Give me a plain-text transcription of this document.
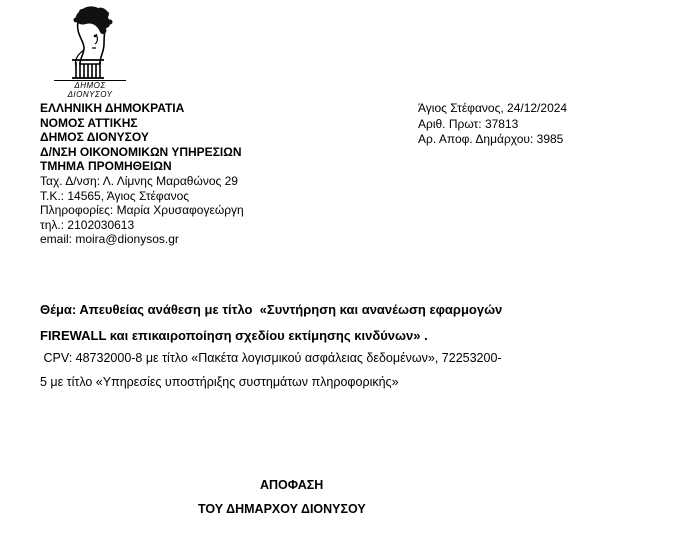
ΔΗΜΟΣ ΔΙΟΝΥΣΟΥ
ΕΛΛΗΝΙΚΗ ΔΗΜΟΚΡΑΤΙΑ
ΝΟΜΟΣ ΑΤΤΙΚΗΣ
ΔΗΜΟΣ ΔΙΟΝΥΣΟΥ
Δ/ΝΣΗ ΟΙΚΟΝΟΜΙΚΩΝ ΥΠΗΡΕΣΙΩΝ
ΤΜΗΜΑ ΠΡΟΜΗΘΕΙΩΝ
Ταχ. Δ/νση: Λ. Λίμνης Μαραθώνος 29
Τ.Κ.: 14565, Άγιος Στέφανος
Πληροφορίες: Μαρία Χρυσαφογεώργη
τηλ.: 2102030613
email: moira@dionysos.gr
Άγιος Στέφανος, 24/12/2024
Αριθ. Πρωτ: 37813
Αρ. Αποφ. Δημάρχου: 3985
Θέμα: Απευθείας ανάθεση με τίτλο  «Συντήρηση και ανανέωση εφαρμογών
FIREWALL και επικαιροποίηση σχεδίου εκτίμησης κινδύνων» .
CPV: 48732000-8 με τίτλο «Πακέτα λογισμικού ασφάλειας δεδομένων», 72253200-
5 με τίτλο «Υπηρεσίες υποστήριξης συστημάτων πληροφορικής»
ΑΠΟΦΑΣΗ
ΤΟΥ ΔΗΜΑΡΧΟΥ ΔΙΟΝΥΣΟΥ
